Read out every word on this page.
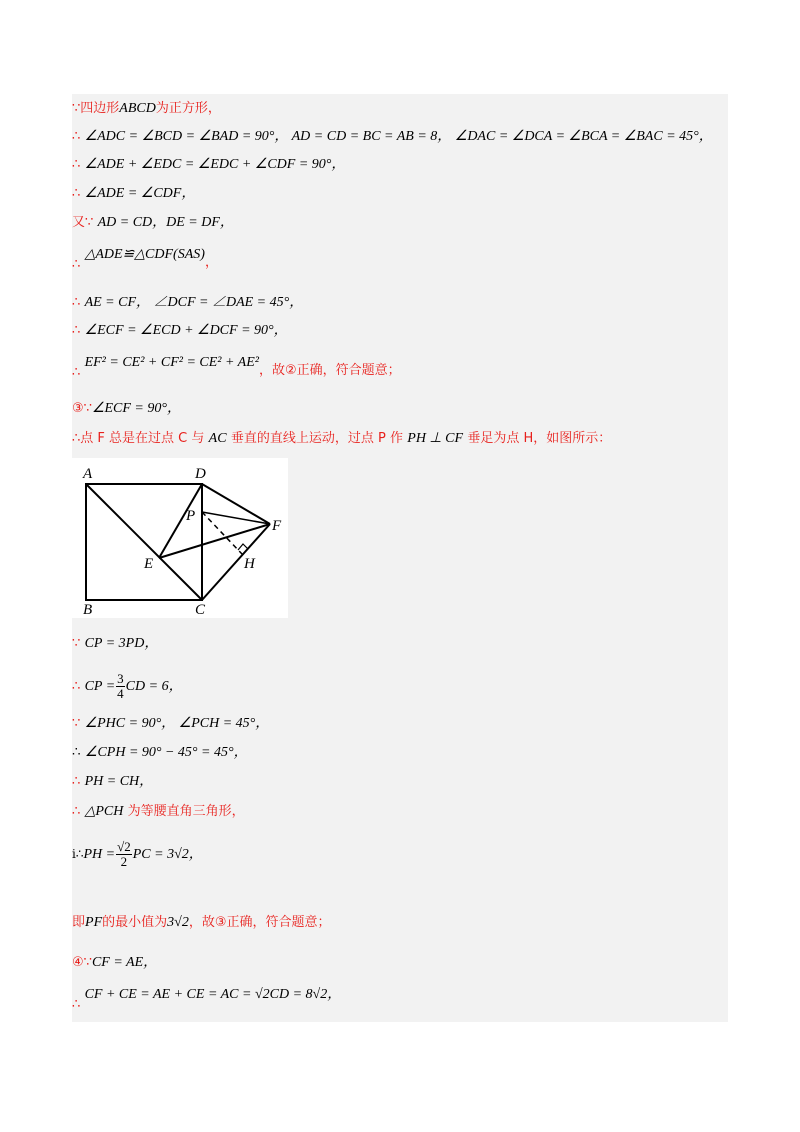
∵四边形ABCD为正方形，
∴ ∠ADC = ∠BCD = ∠BAD = 90°， AD = CD = BC = AB = 8， ∠DAC = ∠DCA = ∠BCA = ∠BAC = 45°，
∴ ∠ADE + ∠EDC = ∠EDC + ∠CDF = 90°，
∴ ∠ADE = ∠CDF，
又∵ AD = CD，DE = DF，
∴ △ADE≌△CDF(SAS)，
∴ AE = CF， ∠DCF = ∠DAE = 45°，
∴ ∠ECF = ∠ECD + ∠DCF = 90°，
∴ EF² = CE² + CF² = CE² + AE²，故②正确，符合题意；
③∵∠ECF = 90°，
∴点 F 总是在过点 C 与 AC 垂直的直线上运动，过点 P 作 PH ⊥ CF 垂足为点 H，如图所示：
A	D
B	C
E
P
F
H
∵ CP = 3PD，
∴ CP = $\frac{3}{4}$ CD = 6，
∵ ∠PHC = 90°， ∠PCH = 45°，
∴ ∠CPH = 90° − 45° = 45°，
∴ PH = CH，
∴ △PCH 为等腰直角三角形，
i∴PH = $\frac{√2}{2}$ PC = 3√2，
即PF的最小值为3√2，故③正确，符合题意；
④∵CF = AE，
∴ CF + CE = AE + CE = AC = √2CD = 8√2，
